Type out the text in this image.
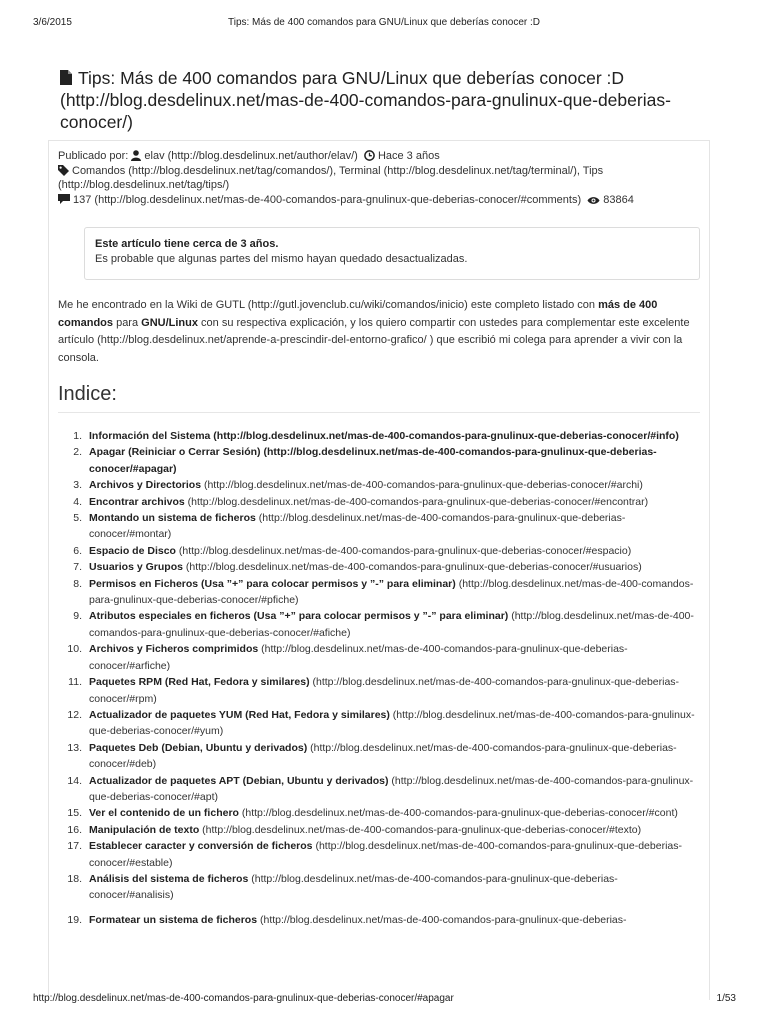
3/6/2015	Tips: Más de 400 comandos para GNU/Linux que deberías conocer :D
Tips: Más de 400 comandos para GNU/Linux que deberías conocer :D
(http://blog.desdelinux.net/mas-de-400-comandos-para-gnulinux-que-deberias-conocer/)
Publicado por: elav (http://blog.desdelinux.net/author/elav/) Hace 3 años
Comandos (http://blog.desdelinux.net/tag/comandos/), Terminal (http://blog.desdelinux.net/tag/terminal/), Tips
(http://blog.desdelinux.net/tag/tips/)
137 (http://blog.desdelinux.net/mas-de-400-comandos-para-gnulinux-que-deberias-conocer/#comments) 83864
Este artículo tiene cerca de 3 años.
Es probable que algunas partes del mismo hayan quedado desactualizadas.

Me he encontrado en la Wiki de GUTL (http://gutl.jovenclub.cu/wiki/comandos/inicio) este completo listado con más de 400 comandos para GNU/Linux con su respectiva explicación, y los quiero compartir con ustedes para complementar este excelente artículo (http://blog.desdelinux.net/aprende-a-prescindir-del-entorno-grafico/ ) que escribió mi colega para aprender a vivir con la consola.

Indice:
1. Información del Sistema (http://blog.desdelinux.net/mas-de-400-comandos-para-gnulinux-que-deberias-conocer/#info)
2. Apagar (Reiniciar o Cerrar Sesión) (http://blog.desdelinux.net/mas-de-400-comandos-para-gnulinux-que-deberias-conocer/#apagar)
3. Archivos y Directorios (http://blog.desdelinux.net/mas-de-400-comandos-para-gnulinux-que-deberias-conocer/#archi)
4. Encontrar archivos (http://blog.desdelinux.net/mas-de-400-comandos-para-gnulinux-que-deberias-conocer/#encontrar)
5. Montando un sistema de ficheros (http://blog.desdelinux.net/mas-de-400-comandos-para-gnulinux-que-deberias-conocer/#montar)
6. Espacio de Disco (http://blog.desdelinux.net/mas-de-400-comandos-para-gnulinux-que-deberias-conocer/#espacio)
7. Usuarios y Grupos (http://blog.desdelinux.net/mas-de-400-comandos-para-gnulinux-que-deberias-conocer/#usuarios)
8. Permisos en Ficheros (Usa ”+” para colocar permisos y ”-” para eliminar) (http://blog.desdelinux.net/mas-de-400-comandos-para-gnulinux-que-deberias-conocer/#pfiche)
9. Atributos especiales en ficheros (Usa ”+” para colocar permisos y ”-” para eliminar) (http://blog.desdelinux.net/mas-de-400-comandos-para-gnulinux-que-deberias-conocer/#afiche)
10. Archivos y Ficheros comprimidos (http://blog.desdelinux.net/mas-de-400-comandos-para-gnulinux-que-deberias-conocer/#arfiche)
11. Paquetes RPM (Red Hat, Fedora y similares) (http://blog.desdelinux.net/mas-de-400-comandos-para-gnulinux-que-deberias-conocer/#rpm)
12. Actualizador de paquetes YUM (Red Hat, Fedora y similares) (http://blog.desdelinux.net/mas-de-400-comandos-para-gnulinux-que-deberias-conocer/#yum)
13. Paquetes Deb (Debian, Ubuntu y derivados) (http://blog.desdelinux.net/mas-de-400-comandos-para-gnulinux-que-deberias-conocer/#deb)
14. Actualizador de paquetes APT (Debian, Ubuntu y derivados) (http://blog.desdelinux.net/mas-de-400-comandos-para-gnulinux-que-deberias-conocer/#apt)
15. Ver el contenido de un fichero (http://blog.desdelinux.net/mas-de-400-comandos-para-gnulinux-que-deberias-conocer/#cont)
16. Manipulación de texto (http://blog.desdelinux.net/mas-de-400-comandos-para-gnulinux-que-deberias-conocer/#texto)
17. Establecer caracter y conversión de ficheros (http://blog.desdelinux.net/mas-de-400-comandos-para-gnulinux-que-deberias-conocer/#estable)
18. Análisis del sistema de ficheros (http://blog.desdelinux.net/mas-de-400-comandos-para-gnulinux-que-deberias-conocer/#analisis)
19. Formatear un sistema de ficheros (http://blog.desdelinux.net/mas-de-400-comandos-para-gnulinux-que-deberias-
http://blog.desdelinux.net/mas-de-400-comandos-para-gnulinux-que-deberias-conocer/#apagar	1/53
